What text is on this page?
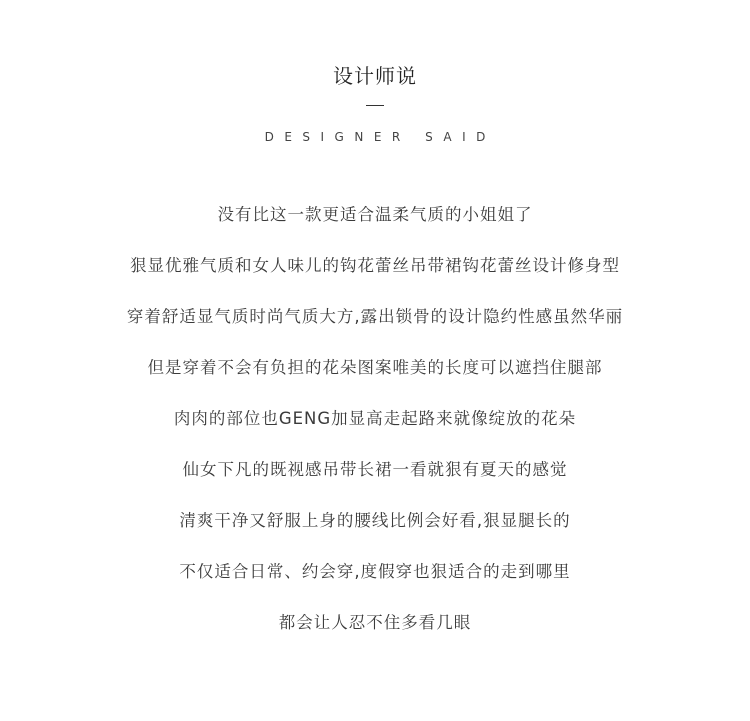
设计师说
DESIGNER SAID
没有比这一款更适合温柔气质的小姐姐了
狠显优雅气质和女人味儿的钩花蕾丝吊带裙钩花蕾丝设计修身型
穿着舒适显气质时尚气质大方,露出锁骨的设计隐约性感虽然华丽
但是穿着不会有负担的花朵图案唯美的长度可以遮挡住腿部
肉肉的部位也GENG加显高走起路来就像绽放的花朵
仙女下凡的既视感吊带长裙一看就狠有夏天的感觉
清爽干净又舒服上身的腰线比例会好看,狠显腿长的
不仅适合日常、约会穿,度假穿也狠适合的走到哪里
都会让人忍不住多看几眼
